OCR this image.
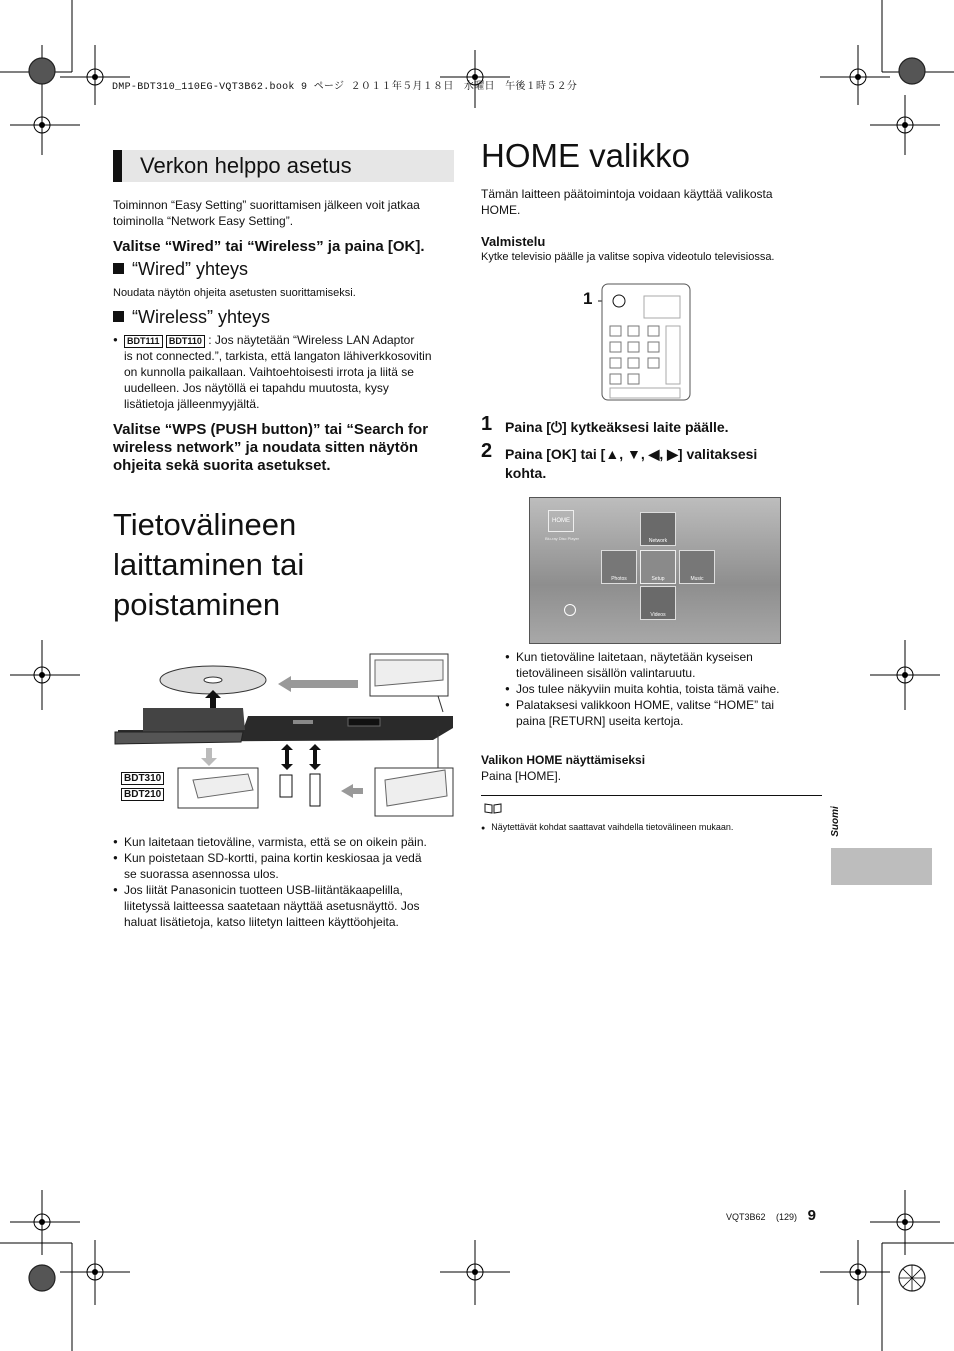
DMP-BDT310_110EG-VQT3B62.book 9 ページ ２０１１年５月１８日　水曜日　午後１時５２分
Verkon helppo asetus
Toiminnon “Easy Setting” suorittamisen jälkeen voit jatkaa
toiminolla “Network Easy Setting”.
Valitse “Wired” tai “Wireless” ja paina [OK].
“Wired” yhteys
Noudata näytön ohjeita asetusten suorittamiseksi.
“Wireless” yhteys
● BDT111 BDT110 : Jos näytetään “Wireless LAN Adaptor
is not connected.”, tarkista, että langaton lähiverkkosovitin
on kunnolla paikallaan. Vaihtoehtoisesti irrota ja liitä se
uudelleen. Jos näytöllä ei tapahdu muutosta, kysy
lisätietoja jälleenmyyjältä.
Valitse “WPS (PUSH button)” tai “Search for
wireless network” ja noudata sitten näytön
ohjeita sekä suorita asetukset.
Tietovälineen
laittaminen tai
poistaminen
BDT310
BDT210
● Kun laitetaan tietoväline, varmista, että se on oikein päin.
● Kun poistetaan SD-kortti, paina kortin keskiosaa ja vedä
se suorassa asennossa ulos.
● Jos liität Panasonicin tuotteen USB-liitäntäkaapelilla,
liitetyssä laitteessa saatetaan näyttää asetusnäyttö. Jos
haluat lisätietoja, katso liitetyn laitteen käyttöohjeita.
HOME valikko
Tämän laitteen päätoimintoja voidaan käyttää valikosta
HOME.
Valmistelu
Kytke televisio päälle ja valitse sopiva videotulo televisiossa.
1
1 Paina [⏻] kytkeäksesi laite päälle.
2 Paina [OK] tai [▲, ▼, ◀, ▶] valitaksesi
kohta.
HOME
Blu-ray Disc Player	Network
Photos	Setup	Music
Videos
● Kun tietoväline laitetaan, näytetään kyseisen
tietovälineen sisällön valintaruutu.
● Jos tulee näkyviin muita kohtia, toista tämä vaihe.
● Palataksesi valikkoon HOME, valitse “HOME” tai
paina [RETURN] useita kertoja.
Valikon HOME näyttämiseksi
Paina [HOME].
● Näytettävät kohdat saattavat vaihdella tietovälineen mukaan.	Suomi
VQT3B62 (129) 9
